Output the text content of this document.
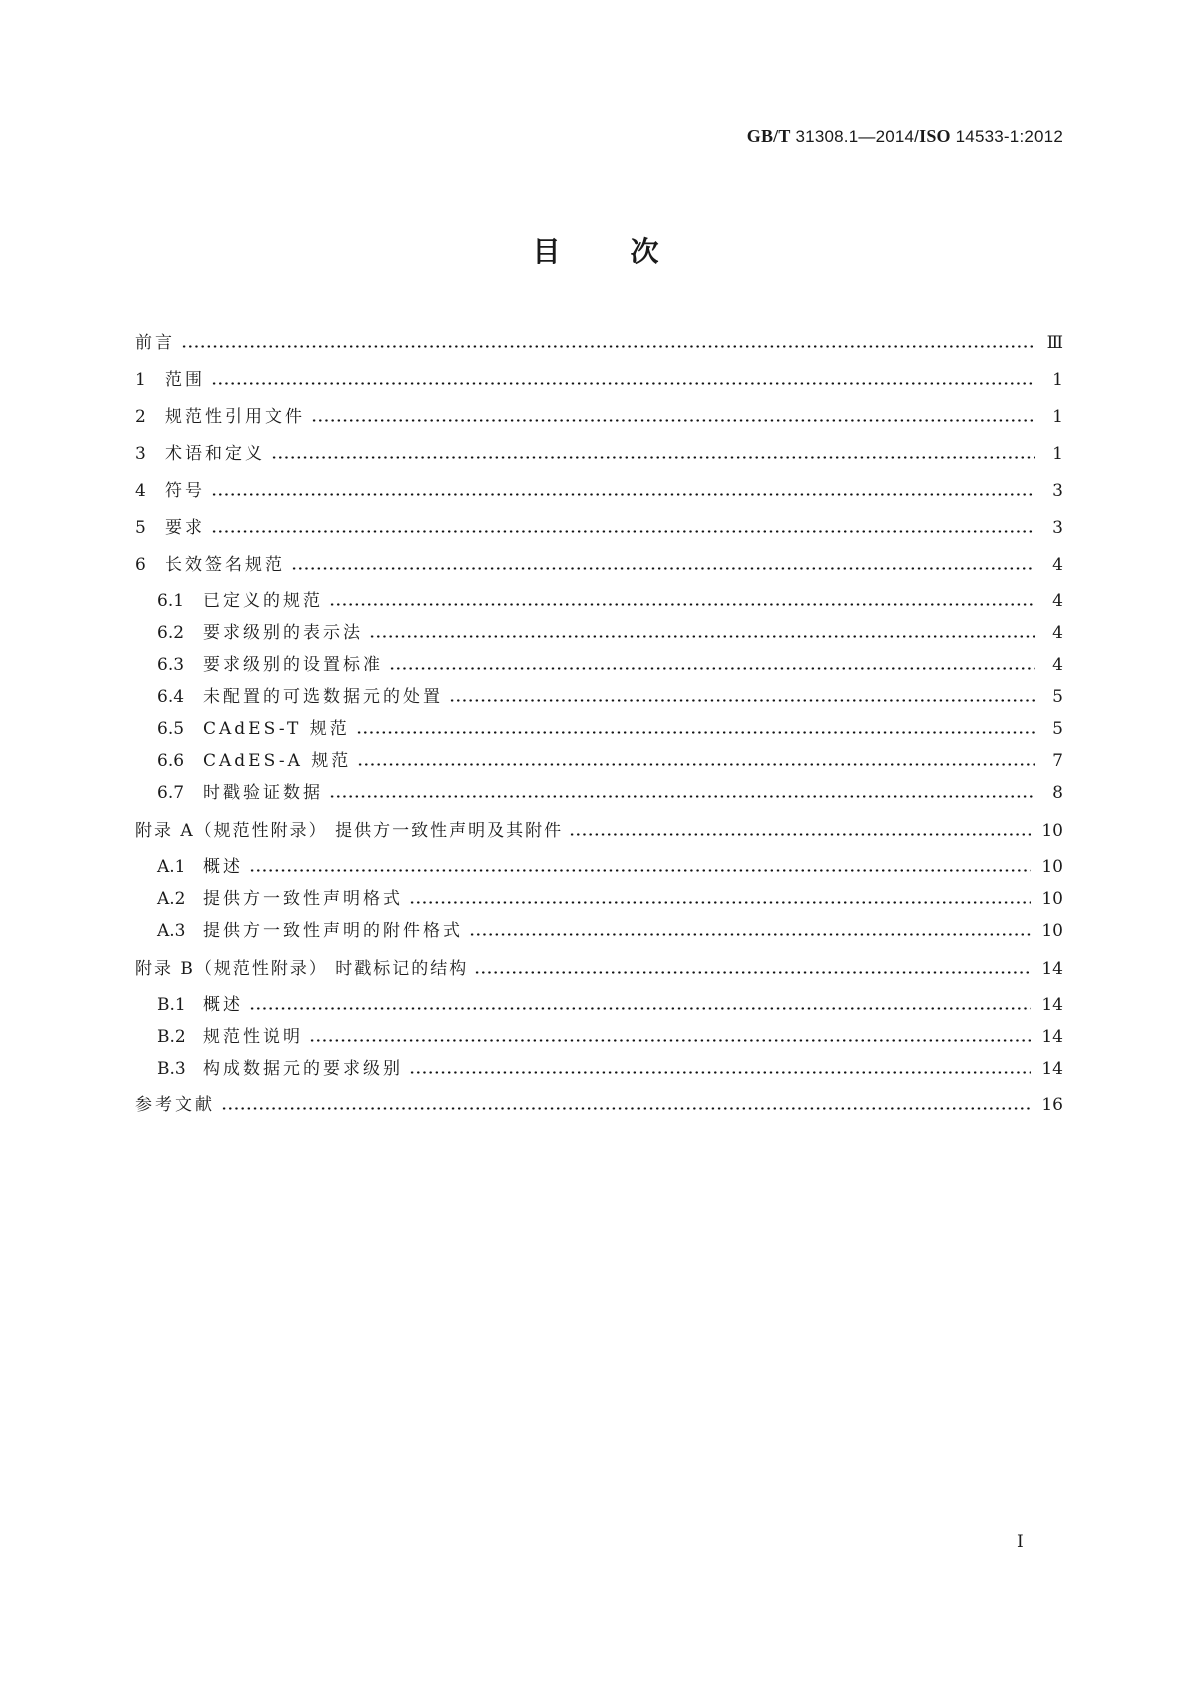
GB/T 31308.1—2014/ISO 14533-1:2012
目	次
前言	Ⅲ
1	范围	1
2	规范性引用文件	1
3	术语和定义	1
4	符号	3
5	要求	3
6	长效签名规范	4
6.1	已定义的规范	4
6.2	要求级别的表示法	4
6.3	要求级别的设置标准	4
6.4	未配置的可选数据元的处置	5
6.5	CAdES-T 规范	5
6.6	CAdES-A 规范	7
6.7	时戳验证数据	8
附录 A（规范性附录） 提供方一致性声明及其附件	10
A.1	概述	10
A.2	提供方一致性声明格式	10
A.3	提供方一致性声明的附件格式	10
附录 B（规范性附录） 时戳标记的结构	14
B.1	概述	14
B.2	规范性说明	14
B.3	构成数据元的要求级别	14
参考文献	16
I
